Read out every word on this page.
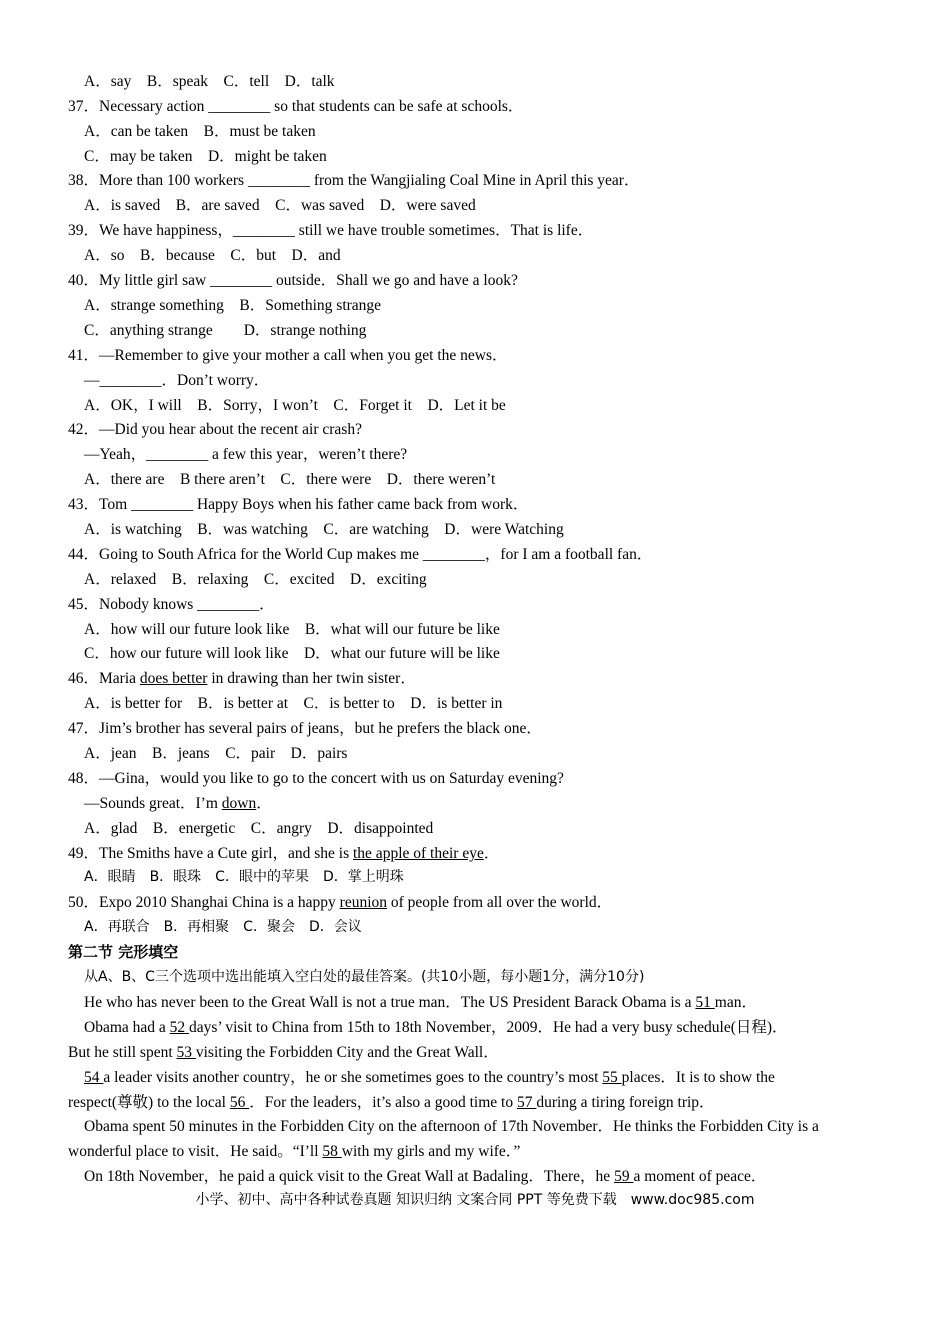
A．say　B．speak　C．tell　D．talk
37．Necessary action ________ so that students can be safe at schools．
A．can be taken　B．must be taken
C．may be taken　D．might be taken
38．More than 100 workers ________ from the Wangjialing Coal Mine in April this year．
A．is saved　B．are saved　C．was saved　D．were saved
39．We have happiness，________ still we have trouble sometimes．That is life．
A．so　B．because　C．but　D．and
40．My little girl saw ________ outside．Shall we go and have a look?
A．strange something　B．Something strange
C．anything strange　　D．strange nothing
41．—Remember to give your mother a call when you get the news．
—________．Don’t worry．
A．OK，I will　B．Sorry，I won’t　C．Forget it　D．Let it be
42．—Did you hear about the recent air crash?
—Yeah，________ a few this year，weren’t there?
A．there are　B there aren’t　C．there were　D．there weren’t
43．Tom ________ Happy Boys when his father came back from work．
A．is watching　B．was watching　C．are watching　D．were Watching
44．Going to South Africa for the World Cup makes me ________，for I am a football fan．
A．relaxed　B．relaxing　C．excited　D．exciting
45．Nobody knows ________．
A．how will our future look like　B．what will our future be like
C．how our future will look like　D．what our future will be like
46．Maria does better in drawing than her twin sister．
A．is better for　B．is better at　C．is better to　D．is better in
47．Jim’s brother has several pairs of jeans，but he prefers the black one．
A．jean　B．jeans　C．pair　D．pairs
48．—Gina，would you like to go to the concert with us on Saturday evening?
—Sounds great．I’m down．
A．glad　B．energetic　C．angry　D．disappointed
49．The Smiths have a Cute girl，and she is the apple of their eye．
A．眼睛　B．眼珠　C．眼中的苹果　D．掌上明珠
50．Expo 2010 Shanghai China is a happy reunion of people from all over the world．
A．再联合　B．再相聚　C．聚会　D．会议
第二节 完形填空
从A、B、C三个选项中选出能填入空白处的最佳答案。(共10小题，每小题1分，满分10分)
He who has never been to the Great Wall is not a true man．The US President Barack Obama is a 51 man．
Obama had a 52 days’ visit to China from 15th to 18th November，2009．He had a very busy schedule(日程)．
But he still spent 53 visiting the Forbidden City and the Great Wall．
54 a leader visits another country，he or she sometimes goes to the country’s most 55 places．It is to show the
respect(尊敬) to the local 56 ．For the leaders，it’s also a good time to 57 during a tiring foreign trip．
Obama spent 50 minutes in the Forbidden City on the afternoon of 17th November．He thinks the Forbidden City is a
wonderful place to visit．He said。“I’ll 58 with my girls and my wife．”
On 18th November，he paid a quick visit to the Great Wall at Badaling．There，he 59 a moment of peace．
小学、初中、高中各种试卷真题 知识归纳 文案合同 PPT 等免费下载　www.doc985.com
